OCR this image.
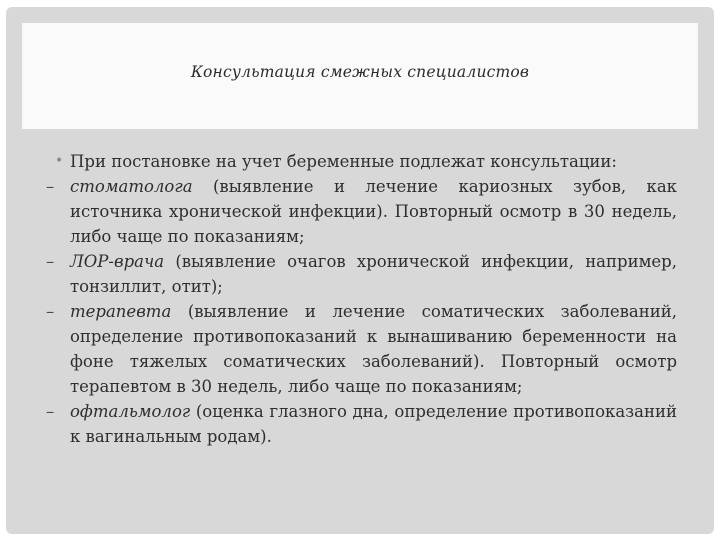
Консультация смежных специалистов
• При постановке на учет беременные подлежат консультации:
– стоматолога (выявление и лечение кариозных зубов, как источника хронической инфекции). Повторный осмотр в 30 недель, либо чаще по показаниям;
– ЛОР-врача (выявление очагов хронической инфекции, например, тонзиллит, отит);
– терапевта (выявление и лечение соматических заболеваний, определение противопоказаний к вынашиванию беременности на фоне тяжелых соматических заболеваний). Повторный осмотр терапевтом в 30 недель, либо чаще по показаниям;
– офтальмолог (оценка глазного дна, определение противопоказаний к вагинальным родам).
